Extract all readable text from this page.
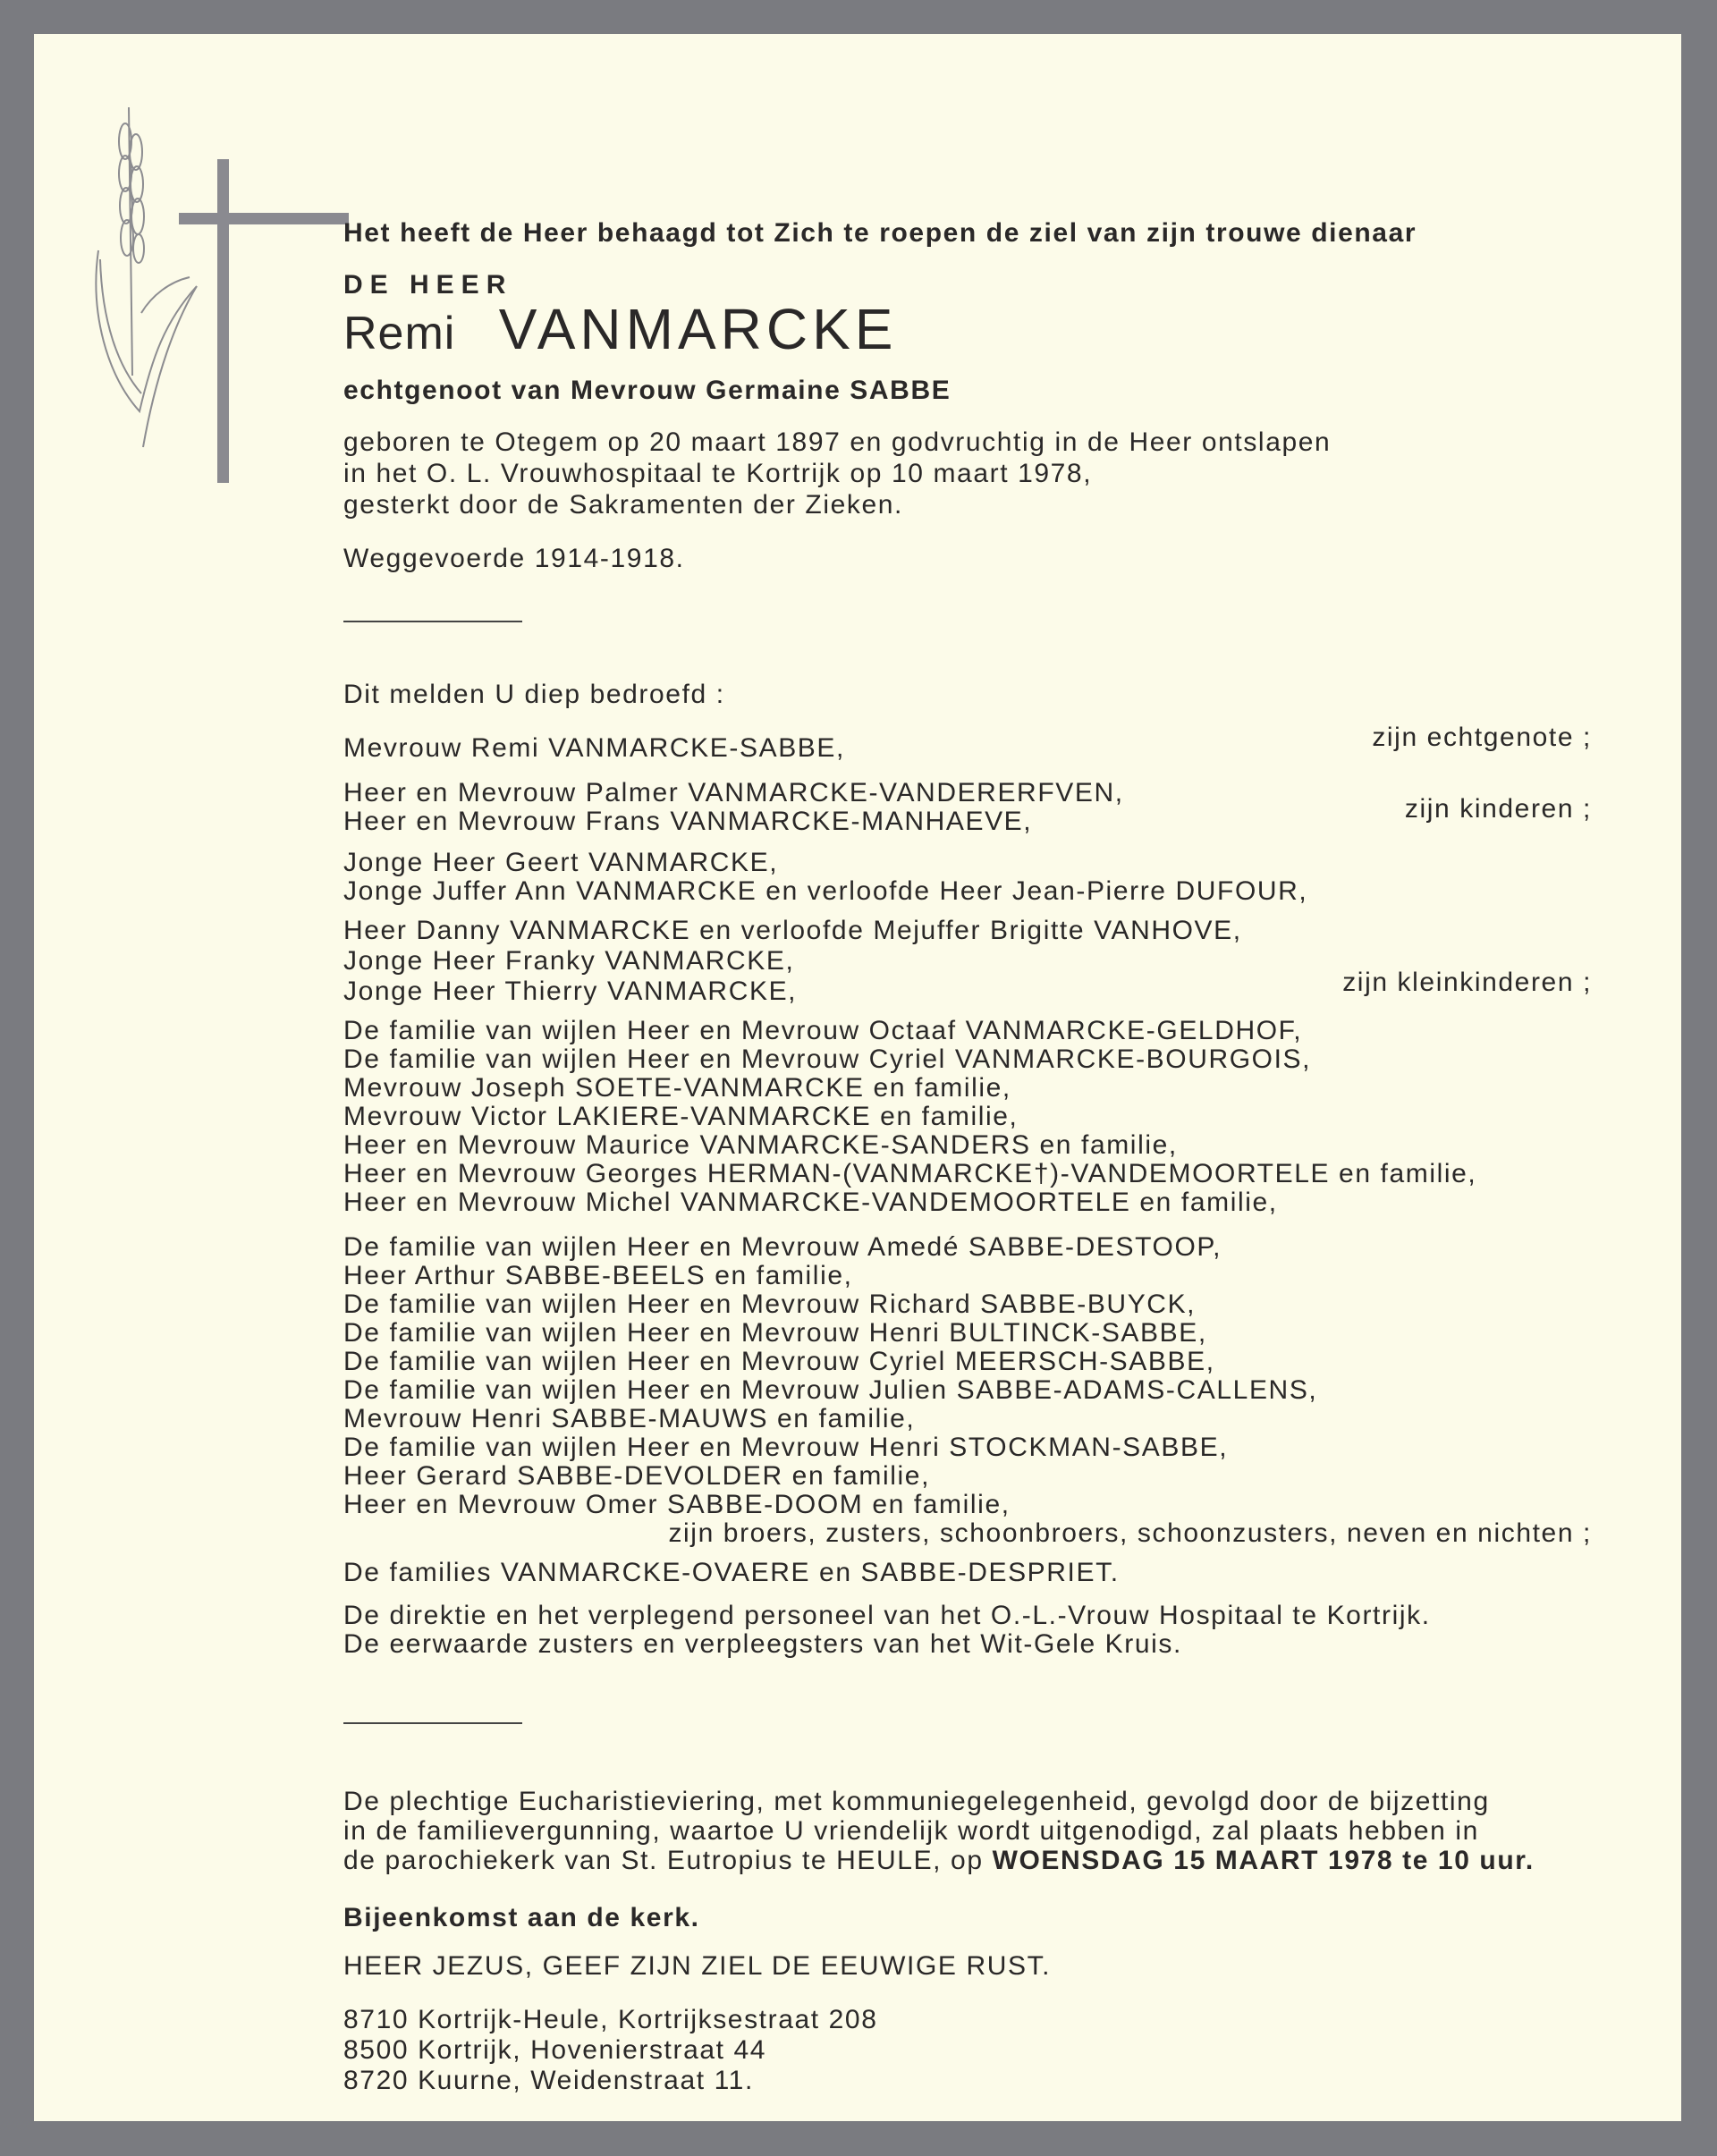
Het heeft de Heer behaagd tot Zich te roepen de ziel van zijn trouwe dienaar
DE HEER
Remi VANMARCKE
echtgenoot van Mevrouw Germaine SABBE
geboren te Otegem op 20 maart 1897 en godvruchtig in de Heer ontslapen
in het O. L. Vrouwhospitaal te Kortrijk op 10 maart 1978,
gesterkt door de Sakramenten der Zieken.
Weggevoerde 1914-1918.
Dit melden U diep bedroefd :
Mevrouw Remi VANMARCKE-SABBE,
Heer en Mevrouw Palmer VANMARCKE-VANDERERFVEN,
Heer en Mevrouw Frans VANMARCKE-MANHAEVE,
Jonge Heer Geert VANMARCKE,
Jonge Juffer Ann VANMARCKE en verloofde Heer Jean-Pierre DUFOUR,
Heer Danny VANMARCKE en verloofde Mejuffer Brigitte VANHOVE,
Jonge Heer Franky VANMARCKE,
Jonge Heer Thierry VANMARCKE,
De familie van wijlen Heer en Mevrouw Octaaf VANMARCKE-GELDHOF,
De familie van wijlen Heer en Mevrouw Cyriel VANMARCKE-BOURGOIS,
Mevrouw Joseph SOETE-VANMARCKE en familie,
Mevrouw Victor LAKIERE-VANMARCKE en familie,
Heer en Mevrouw Maurice VANMARCKE-SANDERS en familie,
Heer en Mevrouw Georges HERMAN-(VANMARCKE†)-VANDEMOORTELE en familie,
Heer en Mevrouw Michel VANMARCKE-VANDEMOORTELE en familie,
De familie van wijlen Heer en Mevrouw Amedé SABBE-DESTOOP,
Heer Arthur SABBE-BEELS en familie,
De familie van wijlen Heer en Mevrouw Richard SABBE-BUYCK,
De familie van wijlen Heer en Mevrouw Henri BULTINCK-SABBE,
De familie van wijlen Heer en Mevrouw Cyriel MEERSCH-SABBE,
De familie van wijlen Heer en Mevrouw Julien SABBE-ADAMS-CALLENS,
Mevrouw Henri SABBE-MAUWS en familie,
De familie van wijlen Heer en Mevrouw Henri STOCKMAN-SABBE,
Heer Gerard SABBE-DEVOLDER en familie,
Heer en Mevrouw Omer SABBE-DOOM en familie,
De families VANMARCKE-OVAERE en SABBE-DESPRIET.
De direktie en het verplegend personeel van het O.-L.-Vrouw Hospitaal te Kortrijk.
De eerwaarde zusters en verpleegsters van het Wit-Gele Kruis.
zijn echtgenote ;
zijn kinderen ;
zijn kleinkinderen ;
zijn broers, zusters, schoonbroers, schoonzusters, neven en nichten ;
De plechtige Eucharistieviering, met kommuniegelegenheid, gevolgd door de bijzetting
in de familievergunning, waartoe U vriendelijk wordt uitgenodigd, zal plaats hebben in
de parochiekerk van St. Eutropius te HEULE, op WOENSDAG 15 MAART 1978 te 10 uur.
Bijeenkomst aan de kerk.
HEER JEZUS, GEEF ZIJN ZIEL DE EEUWIGE RUST.
8710 Kortrijk-Heule, Kortrijksestraat 208
8500 Kortrijk, Hovenierstraat 44
8720 Kuurne, Weidenstraat 11.
